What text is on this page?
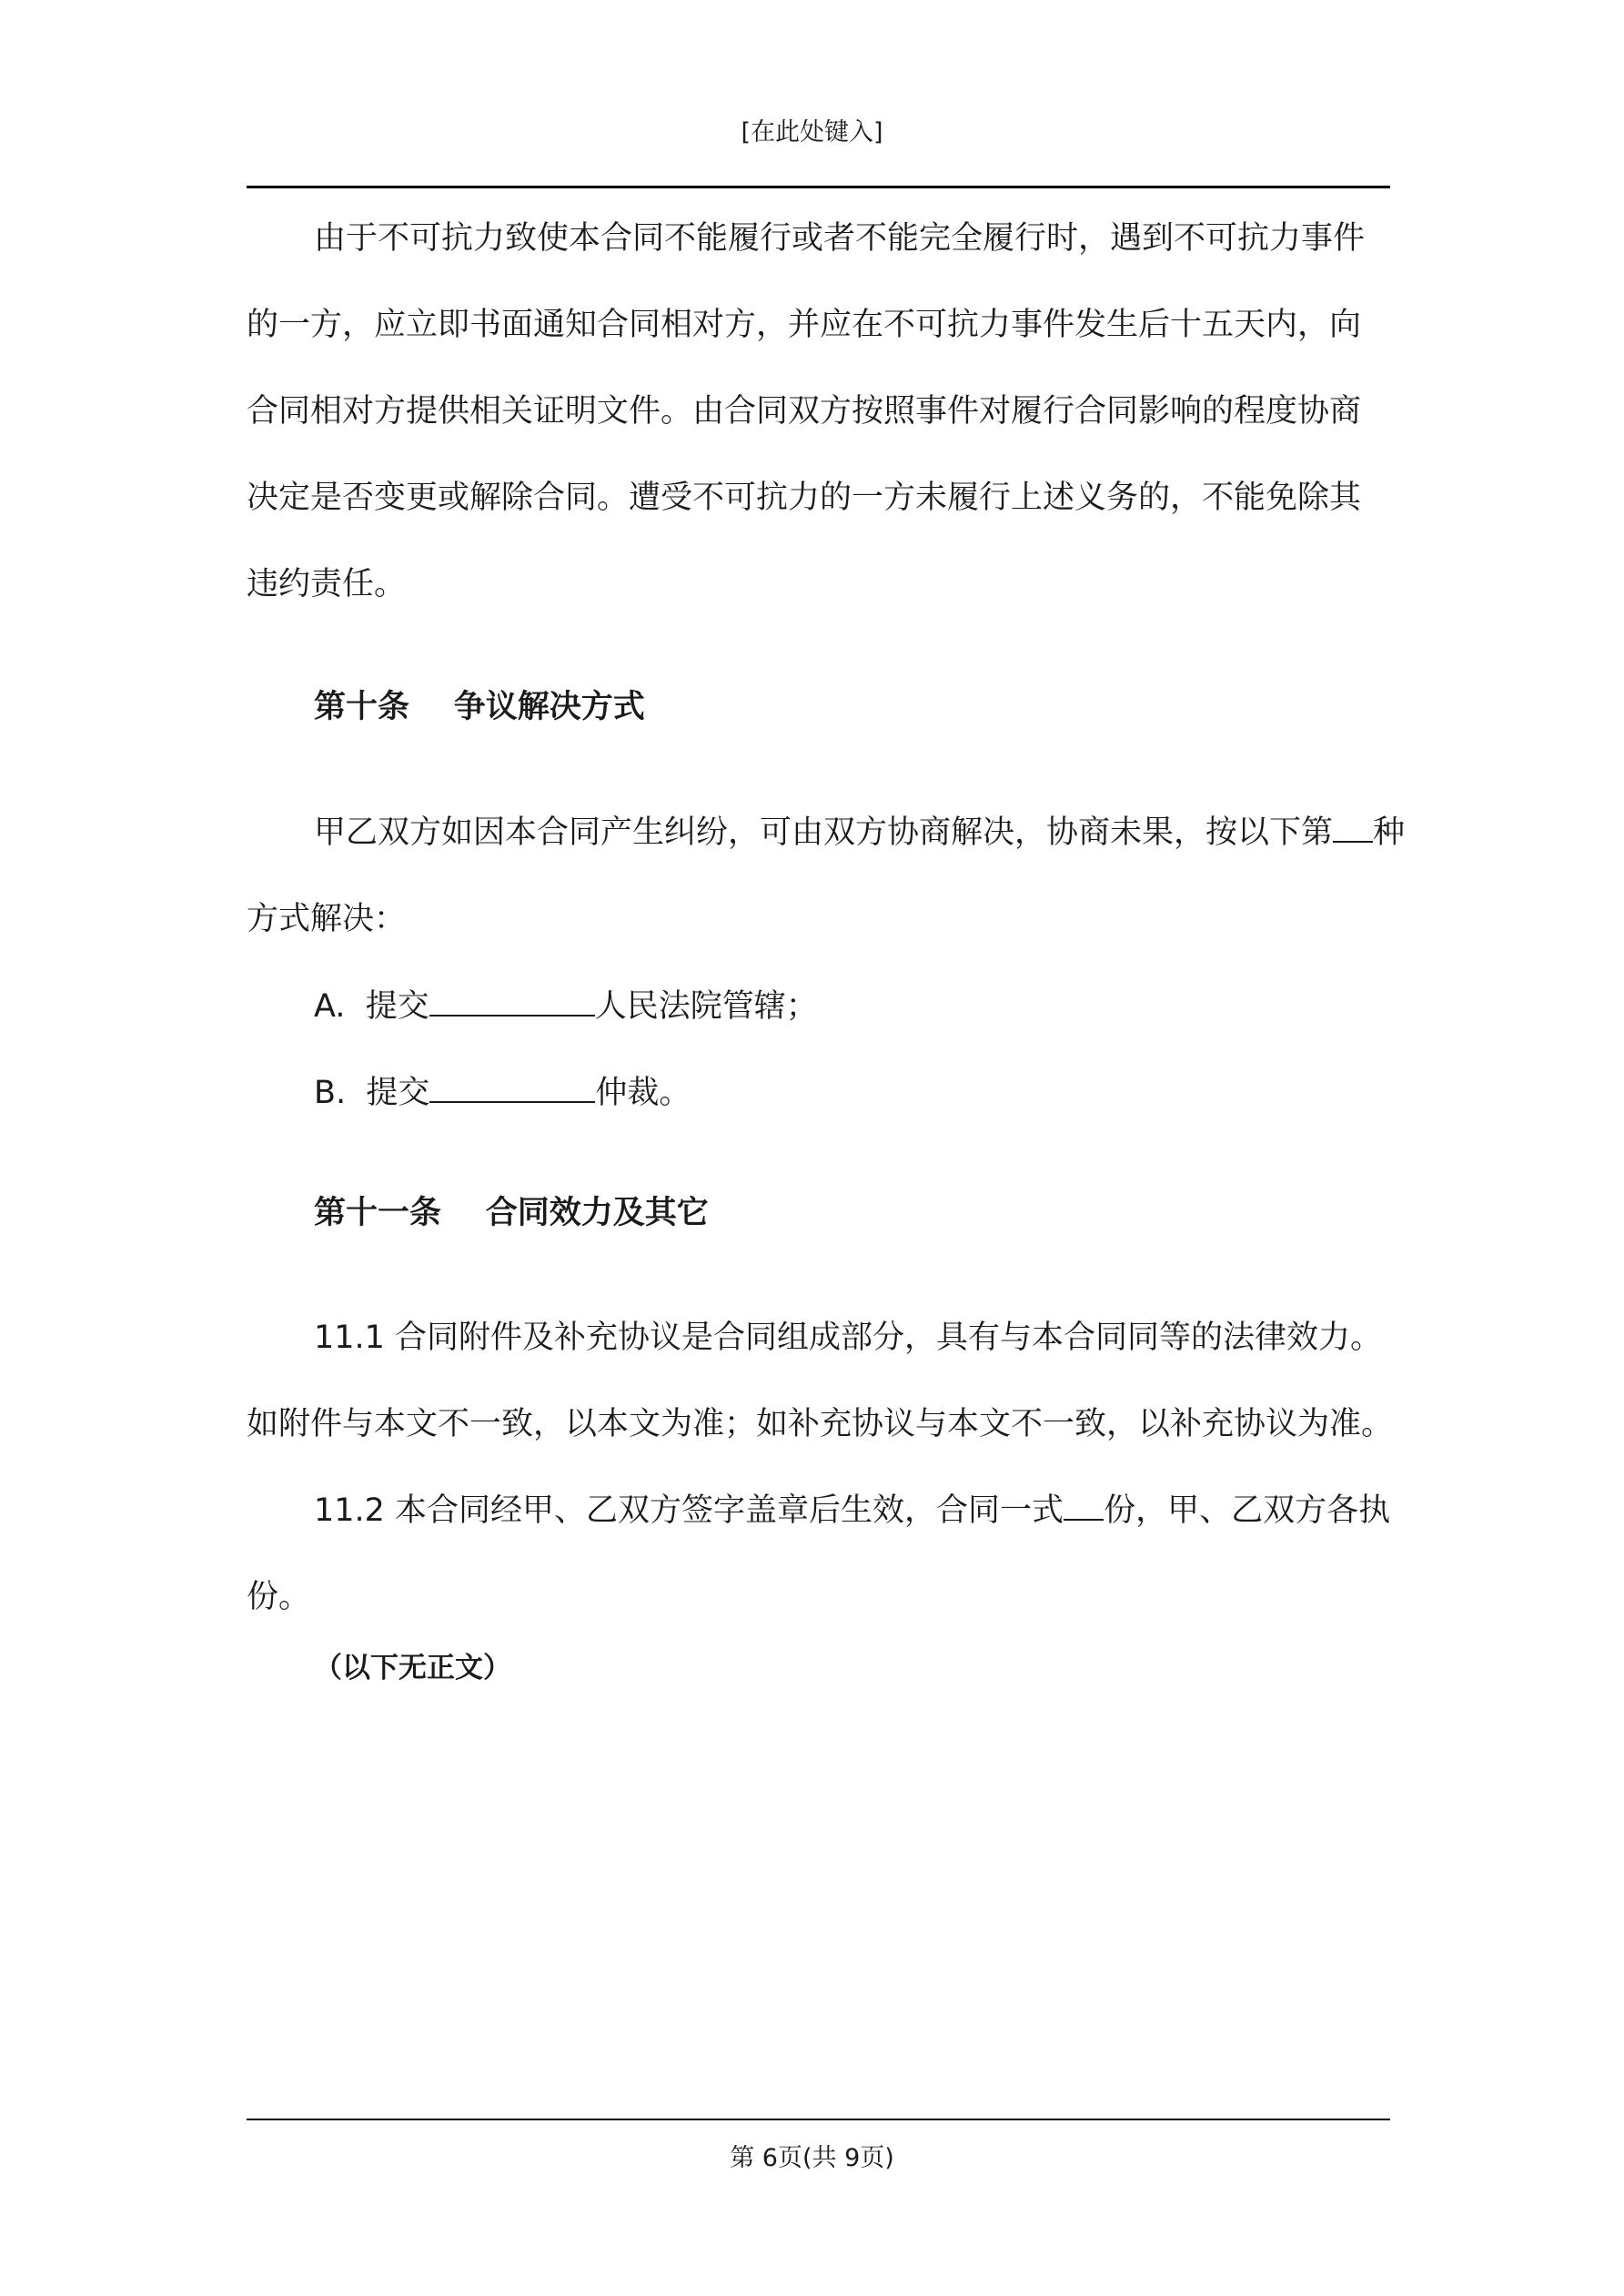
[在此处键入]
由于不可抗力致使本合同不能履行或者不能完全履行时，遇到不可抗力事件
的一方，应立即书面通知合同相对方，并应在不可抗力事件发生后十五天内，向
合同相对方提供相关证明文件。由合同双方按照事件对履行合同影响的程度协商
决定是否变更或解除合同。遭受不可抗力的一方未履行上述义务的，不能免除其
违约责任。
第十条    争议解决方式
甲乙双方如因本合同产生纠纷，可由双方协商解决，协商未果，按以下第 种
方式解决：
A.  提交	人民法院管辖；
B.  提交	仲裁。
第十一条    合同效力及其它
11.1 合同附件及补充协议是合同组成部分，具有与本合同同等的法律效力。
如附件与本文不一致，以本文为准；如补充协议与本文不一致，以补充协议为准。
11.2 本合同经甲、乙双方签字盖章后生效，合同一式 份，甲、乙双方各执
份。
（以下无正文）
第 6页(共 9页)
